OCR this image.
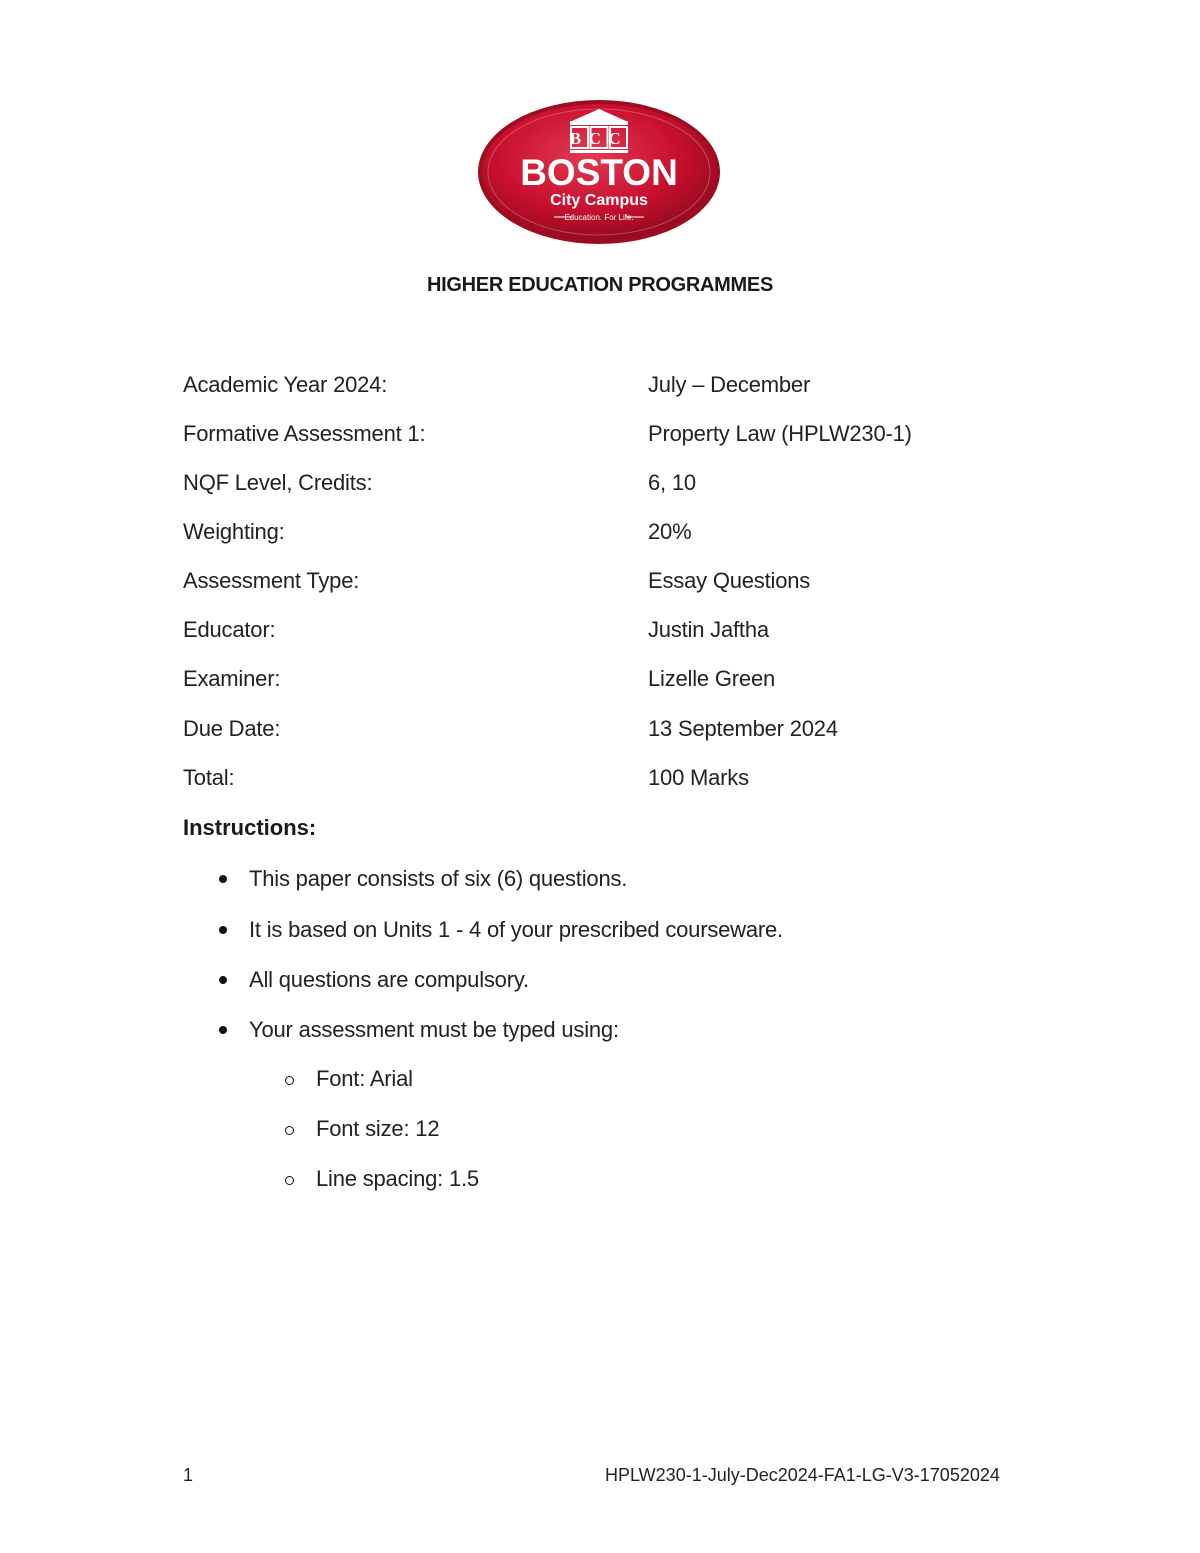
BCC
BOSTON
City Campus
Education. For Life.
HIGHER EDUCATION PROGRAMMES
Academic Year 2024:	July – December
Formative Assessment 1:	Property Law (HPLW230-1)
NQF Level, Credits:	6, 10
Weighting:	20%
Assessment Type:	Essay Questions
Educator:	Justin Jaftha
Examiner:	Lizelle Green
Due Date:	13 September 2024
Total:	100 Marks
Instructions:
This paper consists of six (6) questions.
It is based on Units 1 - 4 of your prescribed courseware.
All questions are compulsory.
Your assessment must be typed using:
Font: Arial
Font size: 12
Line spacing: 1.5
1	HPLW230-1-July-Dec2024-FA1-LG-V3-17052024
